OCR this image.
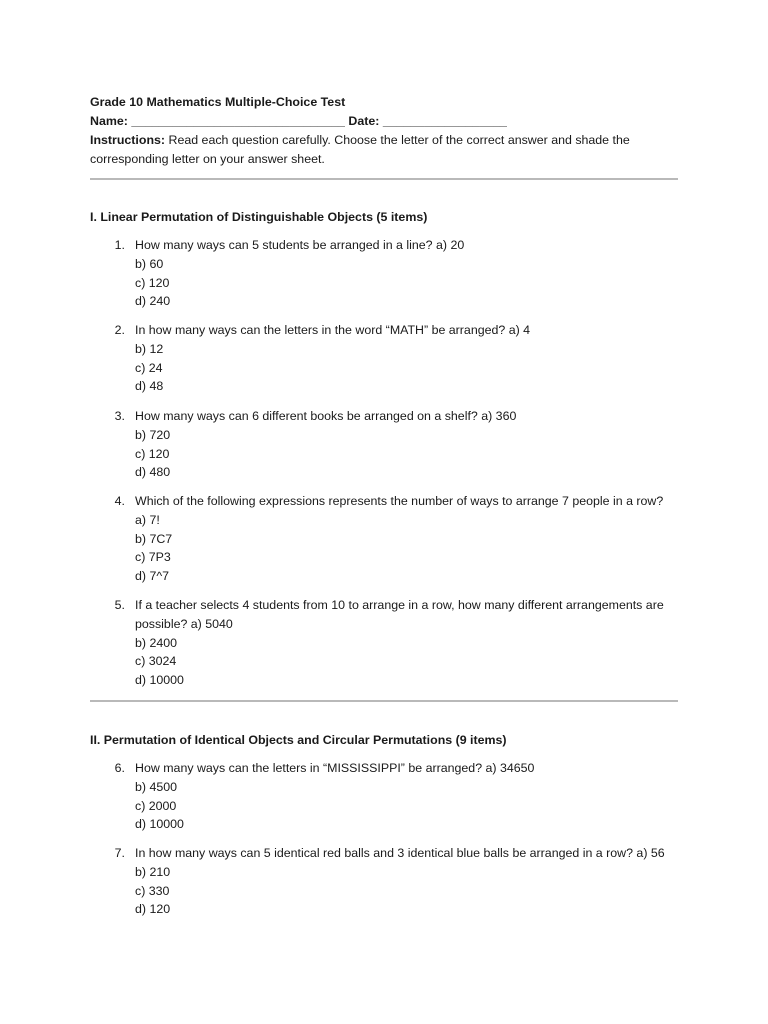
Grade 10 Mathematics Multiple-Choice Test
Name: _______________________________ Date: __________________
Instructions: Read each question carefully. Choose the letter of the correct answer and shade the corresponding letter on your answer sheet.
I. Linear Permutation of Distinguishable Objects (5 items)
1. How many ways can 5 students be arranged in a line? a) 20
b) 60
c) 120
d) 240
2. In how many ways can the letters in the word “MATH” be arranged? a) 4
b) 12
c) 24
d) 48
3. How many ways can 6 different books be arranged on a shelf? a) 360
b) 720
c) 120
d) 480
4. Which of the following expressions represents the number of ways to arrange 7 people in a row?
a) 7!
b) 7C7
c) 7P3
d) 7^7
5. If a teacher selects 4 students from 10 to arrange in a row, how many different arrangements are possible? a) 5040
b) 2400
c) 3024
d) 10000
II. Permutation of Identical Objects and Circular Permutations (9 items)
6. How many ways can the letters in “MISSISSIPPI” be arranged? a) 34650
b) 4500
c) 2000
d) 10000
7. In how many ways can 5 identical red balls and 3 identical blue balls be arranged in a row? a) 56
b) 210
c) 330
d) 120
